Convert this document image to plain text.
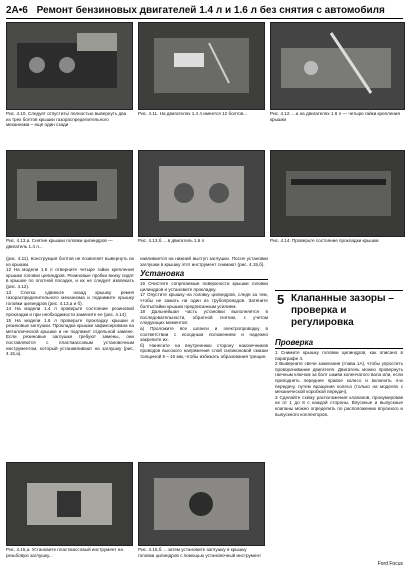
2A•6 Ремонт бензиновых двигателей 1.4 л и 1.6 л без снятия с автомобиля
Рис. 4.10. Следует отпустить/ полностью вывернуть два из трех болтов крышки газораспределительного механизма – еще один сзади
Рис. 4.11. На двигателях 1.4 л имеется 12 болтов...	Рис. 4.12. ...а на двигателях 1.6 л — четыре гайки крепления крышки
Рис. 4.13,а. Снятие крышки головки цилиндров — двигатель 1.4 л...
Рис. 4.13,б. ...в двигатель 1.6 л	Рис. 4.14. Проверьте состояние прокладки крышки

(рис. 4.11). Конструкция болтов не позволяет вывернуть их из крышки.

12 На модели 1.6 л отверните четыре гайки крепления крышки головки цилиндров. Резиновые пробки внизу сидят в крышке по плотной посадке, и их не следует извлекать (рис. 4.12).

13 Слегка сдвиньте назад крышку ремня газораспределительного механизма и поднимите крышку головки цилиндров (рис. 4.13,а и б).

14 На модели 1.4 л проверьте состояние резиновой прокладки и при необходимости замените ее (рис. 4.14).

15 На модели 1.6 л проверьте прокладку крышки и резиновые заглушки. Прокладка крышки зафиксирована на металлической крышке и не подлежит отдельной замене. Если резиновые заглушки требуют замены, они поставляются с пластмассовым установочным инструментом, который устанавливают на заглушку (рис. 4.15,а).

навливается на нижний выступ заглушки. После установки заглушки в крышку этот инструмент снимают (рис. 4.15,б).

Установка

16 Очистите сопрягаемые поверхности крышки головки цилиндров и установите прокладку.

17 Опустите крышку на головку цилиндров, следя за тем, чтобы не зажать ни один из трубопроводов. Затяните болты/гайки крышки предписанным усилием.

18 Дальнейшая часть установки выполняется в последовательности, обратной снятию, с учетом следующих моментов:

а) Проложите все шланги и электропроводку в соответствии с исходным положением и надежно закрепите их.

б) Нанесите на внутреннюю сторону наконечников проводов высокого напряжения слой силиконовой смазки толщиной 5 – 10 мм, чтобы избежать образования трещин.

5 Клапанные зазоры – проверка и регулировка
Проверка

1 Снимите крышку головки цилиндров, как описано в параграфе 4.

2 Выверните свечи зажигания (глава 1А), чтобы упростить проворачивание двигателя. Двигатель можно провернуть гаечным ключом за болт шкива коленчатого вала или, если приподнять переднее правое колесо и включить 4-ю передачу, путем вращения колеса (только на моделях с механической коробкой передач).

3 Сделайте схему расположения клапанов, пронумеровав их от 1 до 8 с каждой стороны. Впускные и выпускные клапаны можно определить по расположению впускного и выпускного коллекторов.

Рис. 4.15,а. Установите пластмассовый инструмент на резьбовую заглушку...
Рис. 4.15,б. ...затем установите заглушку в крышку головки цилиндров с помощью установочный инструмент
Ford Focus
